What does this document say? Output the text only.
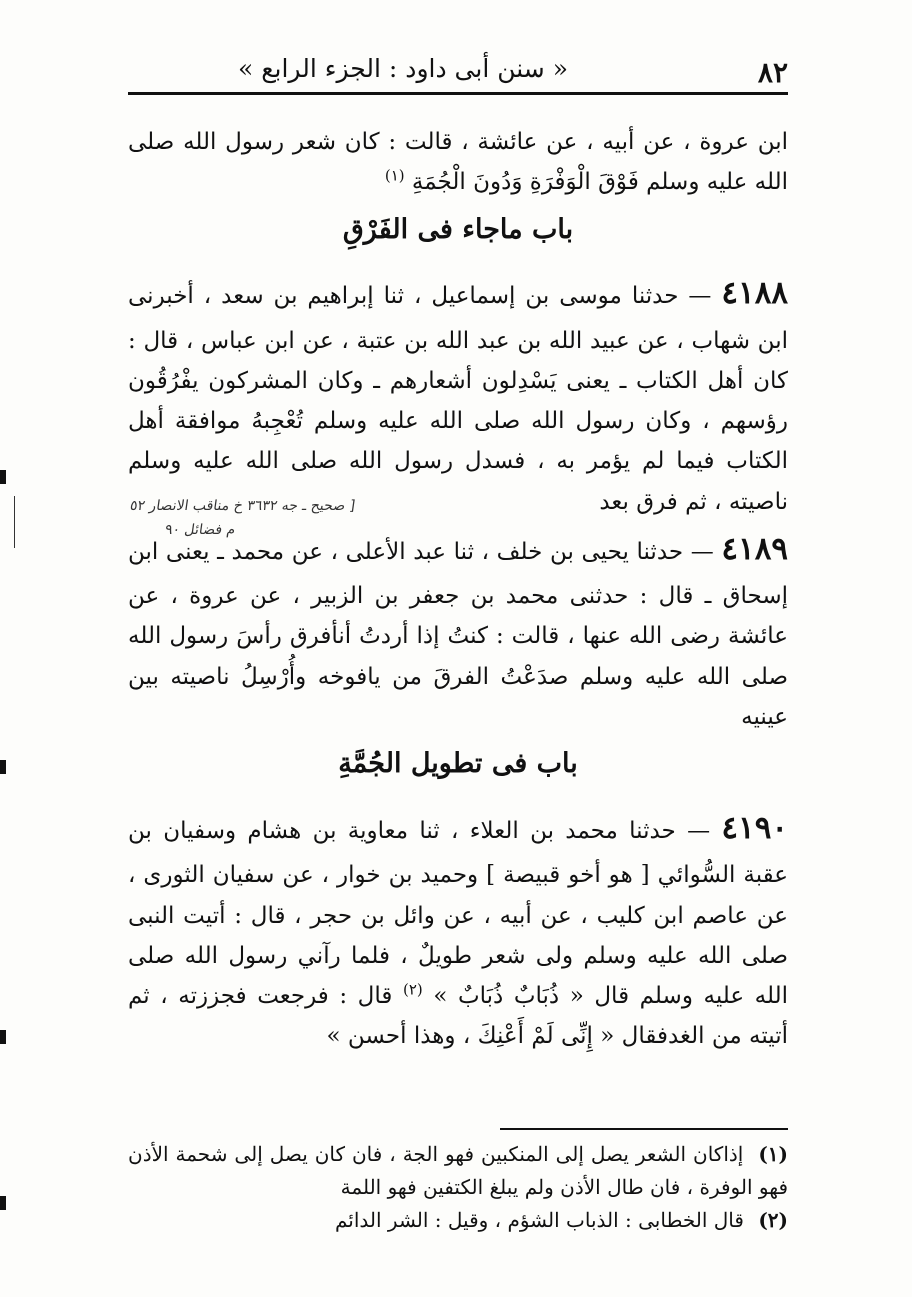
٨٢
« سنن أبى داود : الجزء الرابع »

ابن عروة ، عن أبيه ، عن عائشة ، قالت : كان شعر رسول الله صلى الله عليه وسلم فَوْقَ الْوَفْرَةِ وَدُونَ الْجُمَةِ $^{(١)}$

باب ماجاء فى الفَرْقِ

٤١٨٨ — حدثنا موسى بن إسماعيل ، ثنا إبراهيم بن سعد ، أخبرنى ابن شهاب ، عن عبيد الله بن عبد الله بن عتبة ، عن ابن عباس ، قال : كان أهل الكتاب ـ يعنى يَسْدِلون أشعارهم ـ وكان المشركون يفْرُقُون رؤسهم ، وكان رسول الله صلى الله عليه وسلم تُعْجِبهُ موافقة أهل الكتاب فيما لم يؤمر به ، فسدل رسول الله صلى الله عليه وسلم ناصيته ، ثم فرق بعد

٤١٨٩ — حدثنا يحيى بن خلف ، ثنا عبد الأعلى ، عن محمد ـ يعنى ابن إسحاق ـ قال : حدثنى محمد بن جعفر بن الزبير ، عن عروة ، عن عائشة رضى الله عنها ، قالت : كنتُ إذا أردتُ أنأفرق رأسَ رسول الله صلى الله عليه وسلم صدَعْتُ الفرقَ من يافوخه وأُرْسِلُ ناصيته بين عينيه

باب فى تطويل الجُمَّةِ

٤١٩٠ — حدثنا محمد بن العلاء ، ثنا معاوية بن هشام وسفيان بن عقبة السُّوائي [ هو أخو قبيصة ] وحميد بن خوار ، عن سفيان الثورى ، عن عاصم ابن كليب ، عن أبيه ، عن وائل بن حجر ، قال : أتيت النبى صلى الله عليه وسلم ولى شعر طويلٌ ، فلما رآني رسول الله صلى الله عليه وسلم قال « ذُبَابٌ ذُبَابٌ » $^{(٢)}$ قال : فرجعت فجززته ، ثم أتيته من الغدفقال « إِنِّى لَمْ أَعْنِكَ ، وهذا أحسن »

[ صحيح ـ جه ٣٦٣٢ خ مناقب الانصار ٥٢
م فضائل ٩٠

(١) إذاكان الشعر يصل إلى المنكبين فهو الجة ، فان كان يصل إلى شحمة الأذن فهو الوفرة ، فان طال الأذن ولم يبلغ الكتفين فهو اللمة

(٢) قال الخطابى : الذباب الشؤم ، وقيل : الشر الدائم
